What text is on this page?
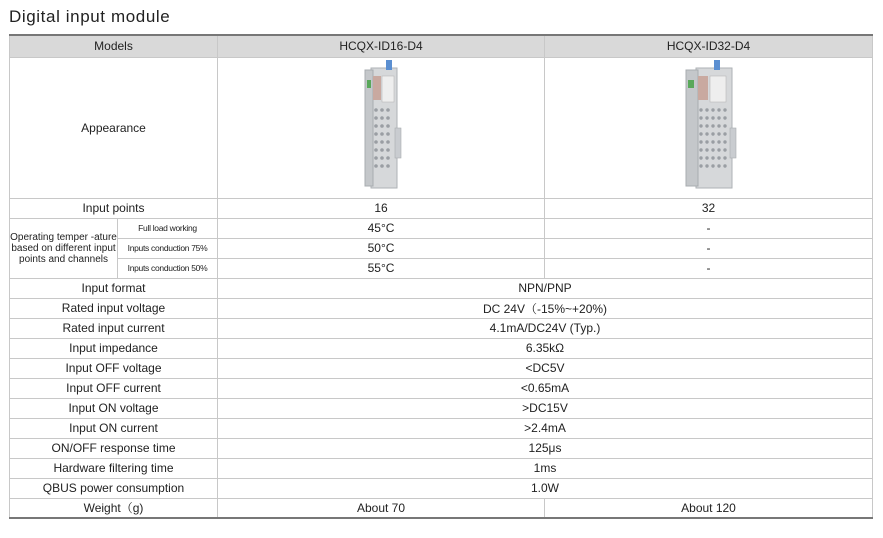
Digital input module
Models		HCQX-ID16-D4	HCQX-ID32-D4
Appearance	

Input points		16	32
Operating temper -ature based on different input points and channels	Full load working	45°C	-
	Inputs conduction 75%	50°C	-
	Inputs conduction 50%	55°C	-
Input format		NPN/PNP	
Rated input voltage		DC 24V（-15%~+20%)	
Rated input current		4.1mA/DC24V (Typ.)	
Input impedance		6.35kΩ	
Input OFF voltage		<DC5V	
Input OFF current		<0.65mA	
Input ON voltage		>DC15V	
Input ON current		>2.4mA	
ON/OFF response time		125μs	
Hardware filtering time		1ms	
QBUS power consumption		1.0W	
Weight（g)		About 70	About 120
